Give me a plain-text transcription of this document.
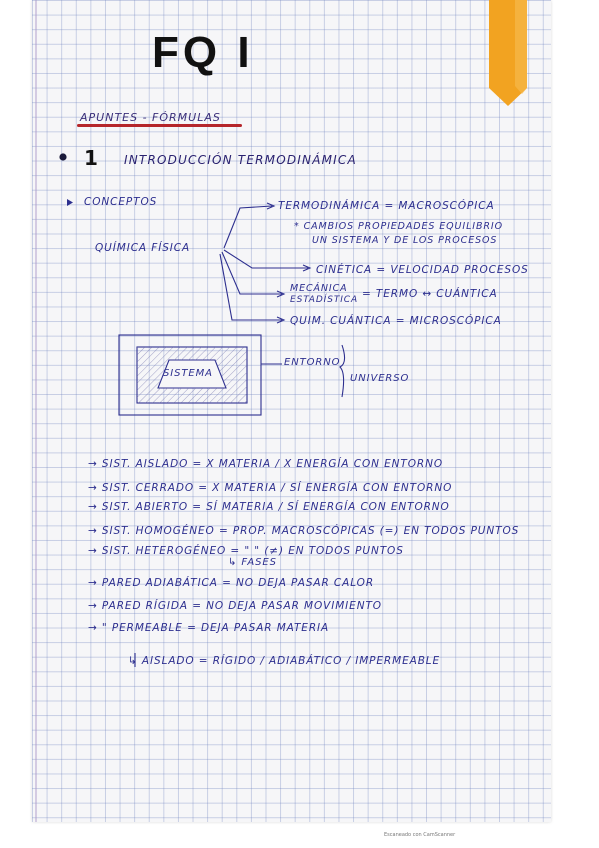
FQ I
APUNTES - FÓRMULAS
1 INTRODUCCIÓN TERMODINÁMICA
CONCEPTOS
QUÍMICA FÍSICA
TERMODINÁMICA = MACROSCÓPICA
* CAMBIOS PROPIEDADES EQUILIBRIO
UN SISTEMA Y DE LOS PROCESOS
CINÉTICA = VELOCIDAD PROCESOS
MECÁNICA
ESTADÍSTICA = TERMO ↔ CUÁNTICA
QUIM. CUÁNTICA = MICROSCÓPICA
SISTEMA
ENTORNO
UNIVERSO
→ SIST. AISLADO = X MATERIA / X ENERGÍA CON ENTORNO
→ SIST. CERRADO = X MATERIA / SÍ ENERGÍA CON ENTORNO
→ SIST. ABIERTO = SÍ MATERIA / SÍ ENERGÍA CON ENTORNO
→ SIST. HOMOGÉNEO = PROP. MACROSCÓPICAS (=) EN TODOS PUNTOS
→ SIST. HETEROGÉNEO = " " (≠) EN TODOS PUNTOS
↳ FASES
→ PARED ADIABÁTICA = NO DEJA PASAR CALOR
→ PARED RÍGIDA = NO DEJA PASAR MOVIMIENTO
→ " PERMEABLE = DEJA PASAR MATERIA
↳ AISLADO = RÍGIDO / ADIABÁTICO / IMPERMEABLE
Escaneado con CamScanner
